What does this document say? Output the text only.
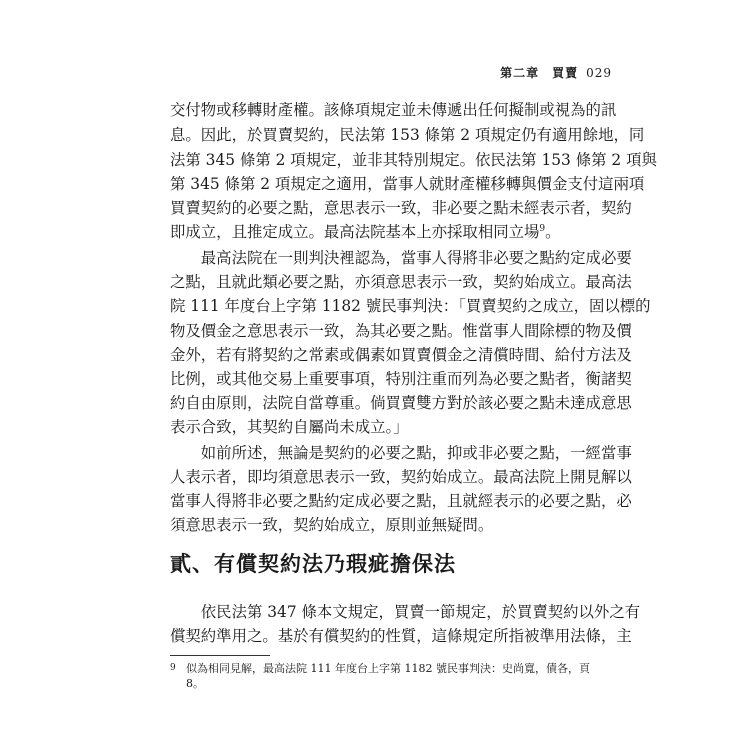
第二章　買賣 029
交付物或移轉財產權。該條項規定並未傳遞出任何擬制或視為的訊
息。因此，於買賣契約，民法第 153 條第 2 項規定仍有適用餘地，同
法第 345 條第 2 項規定，並非其特別規定。依民法第 153 條第 2 項與
第 345 條第 2 項規定之適用，當事人就財產權移轉與價金支付這兩項
買賣契約的必要之點，意思表示一致，非必要之點未經表示者，契約
即成立，且推定成立。最高法院基本上亦採取相同立場$^9$。
　　最高法院在一則判決裡認為，當事人得將非必要之點約定成必要
之點，且就此類必要之點，亦須意思表示一致，契約始成立。最高法
院 111 年度台上字第 1182 號民事判決：「買賣契約之成立，固以標的
物及價金之意思表示一致，為其必要之點。惟當事人間除標的物及價
金外，若有將契約之常素或偶素如買賣價金之清償時間、給付方法及
比例，或其他交易上重要事項，特別注重而列為必要之點者，衡諸契
約自由原則，法院自當尊重。倘買賣雙方對於該必要之點未達成意思
表示合致，其契約自屬尚未成立。」
　　如前所述，無論是契約的必要之點，抑或非必要之點，一經當事
人表示者，即均須意思表示一致，契約始成立。最高法院上開見解以
當事人得將非必要之點約定成必要之點，且就經表示的必要之點，必
須意思表示一致，契約始成立，原則並無疑問。
貳、有償契約法乃瑕疵擔保法
　　依民法第 347 條本文規定，買賣一節規定，於買賣契約以外之有
償契約準用之。基於有償契約的性質，這條規定所指被準用法條，主
9 似為相同見解，最高法院 111 年度台上字第 1182 號民事判決：史尚寬，債各，頁
8。
